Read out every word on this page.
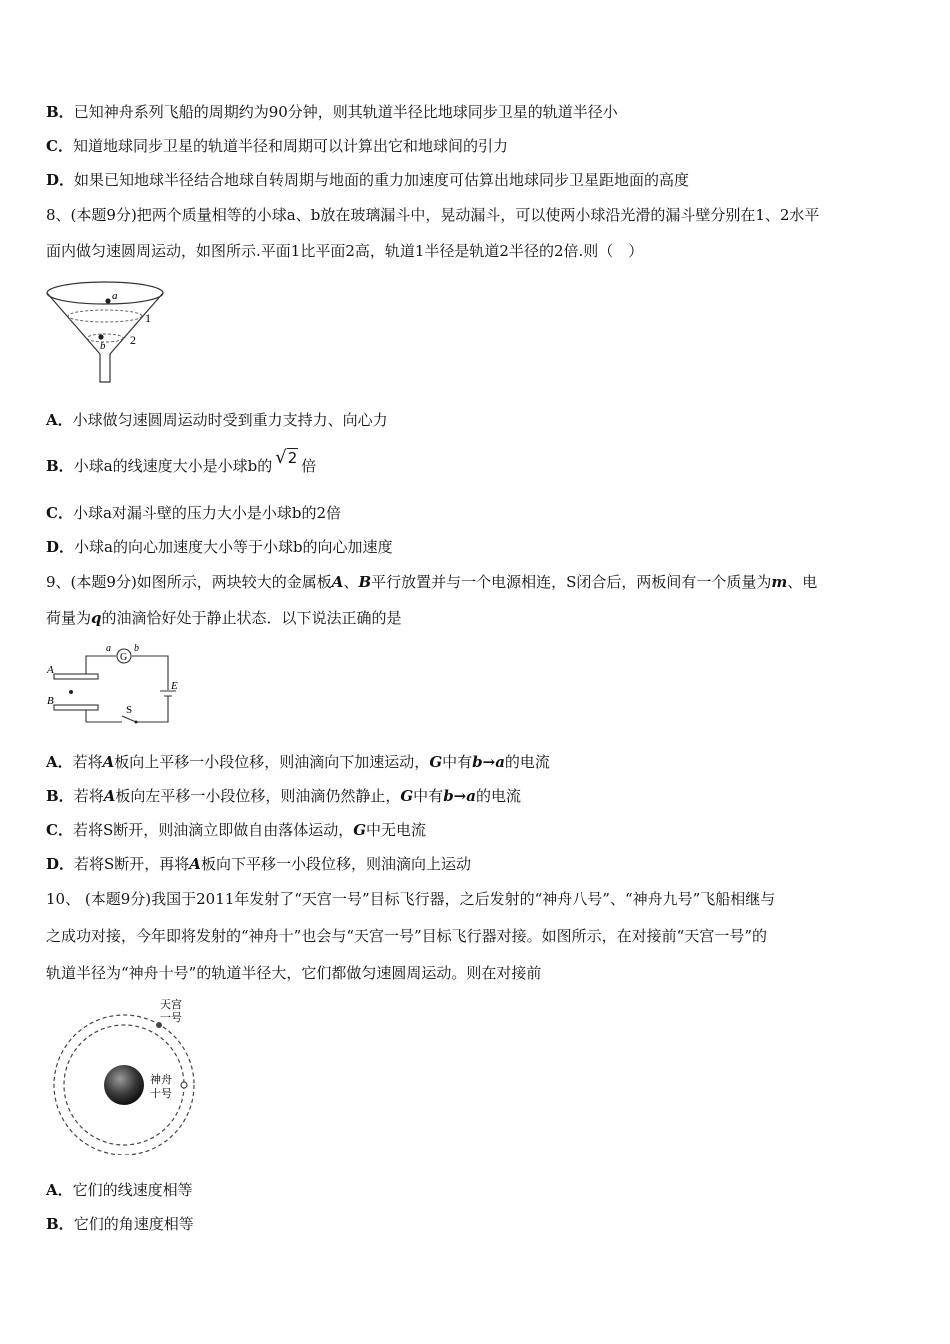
B．已知神舟系列飞船的周期约为90分钟，则其轨道半径比地球同步卫星的轨道半径小
C．知道地球同步卫星的轨道半径和周期可以计算出它和地球间的引力
D．如果已知地球半径结合地球自转周期与地面的重力加速度可估算出地球同步卫星距地面的高度
8、(本题9分)把两个质量相等的小球a、b放在玻璃漏斗中，晃动漏斗，可以使两小球沿光滑的漏斗壁分别在1、2水平
面内做匀速圆周运动，如图所示.平面1比平面2高，轨道1半径是轨道2半径的2倍.则（　）
a
b
1
2
A．小球做匀速圆周运动时受到重力支持力、向心力
B．小球a的线速度大小是小球b的 √2 倍
C．小球a对漏斗壁的压力大小是小球b的2倍
D．小球a的向心加速度大小等于小球b的向心加速度
9、(本题9分)如图所示，两块较大的金属板A、B平行放置并与一个电源相连，S闭合后，两板间有一个质量为m、电
荷量为q的油滴恰好处于静止状态．以下说法正确的是
A
B
a b
G
E
S
A．若将A板向上平移一小段位移，则油滴向下加速运动，G中有b→a的电流
B．若将A板向左平移一小段位移，则油滴仍然静止，G中有b→a的电流
C．若将S断开，则油滴立即做自由落体运动，G中无电流
D．若将S断开，再将A板向下平移一小段位移，则油滴向上运动
10、 (本题9分)我国于2011年发射了“天宫一号”目标飞行器，之后发射的“神舟八号”、“神舟九号”飞船相继与
之成功对接，今年即将发射的“神舟十”也会与“天宫一号”目标飞行器对接。如图所示，在对接前“天宫一号”的
轨道半径为“神舟十号”的轨道半径大，它们都做匀速圆周运动。则在对接前
天宫
一号
神舟
十号
A．它们的线速度相等
B．它们的角速度相等
